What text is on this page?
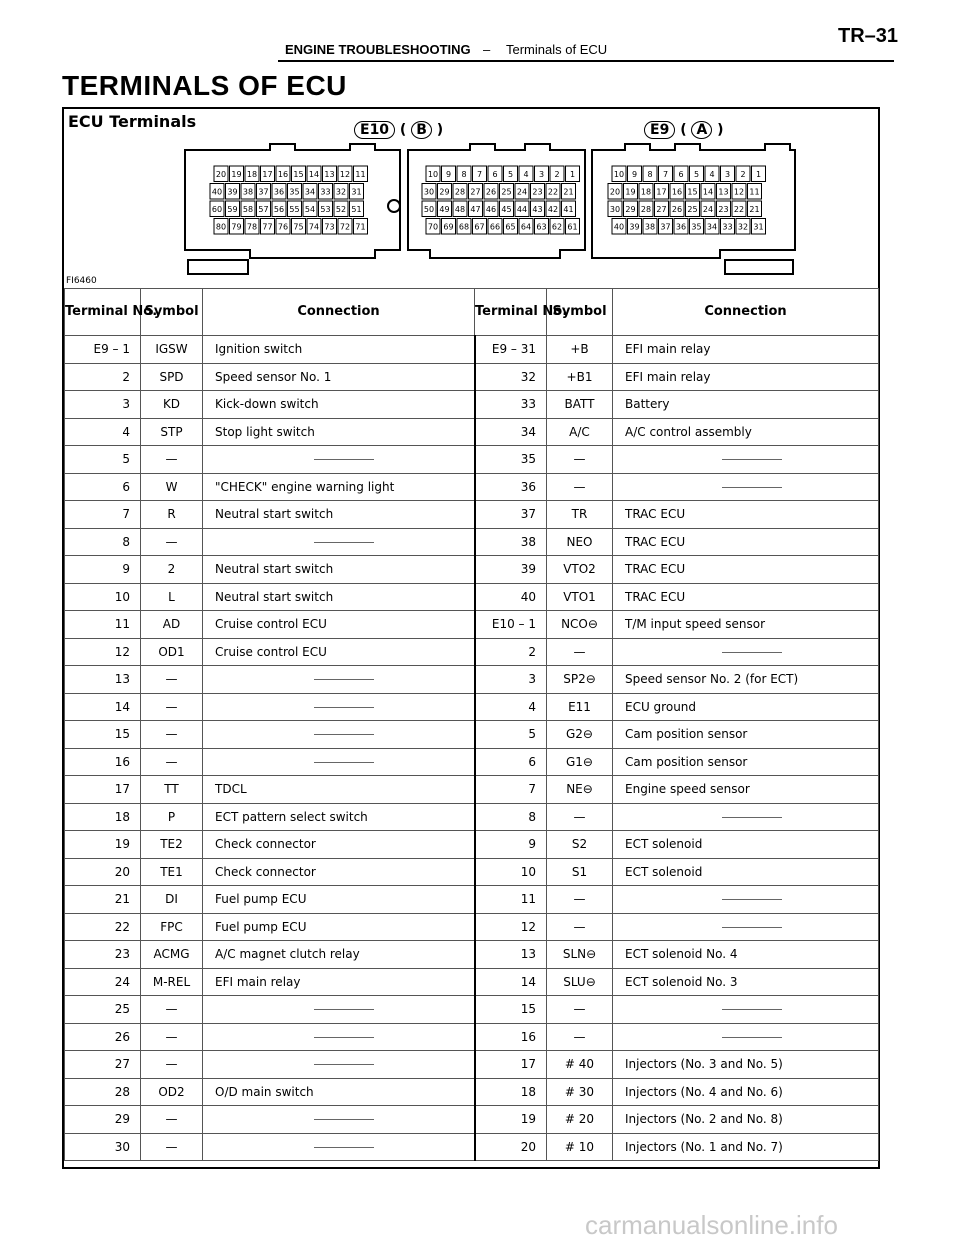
ENGINE TROUBLESHOOTING – Terminals of ECU
TR–31
TERMINALS OF ECU
ECU Terminals	E10 ( B )	E9 ( A )
20 19 18 17 16 15 14 13 12 11
40 39 38 37 36 35 34 33 32 31
60 59 58 57 56 55 54 53 52 51
80 79 78 77 76 75 74 73 72 71
10 9 8 7 6 5 4 3 2 1
30 29 28 27 26 25 24 23 22 21
50 49 48 47 46 45 44 43 42 41
70 69 68 67 66 65 64 63 62 61
10 9 8 7 6 5 4 3 2 1
20 19 18 17 16 15 14 13 12 11
30 29 28 27 26 25 24 23 22 21
40 39 38 37 36 35 34 33 32 31
FI6460
Terminal No.	Symbol	Connection	Terminal No.	Symbol	Connection
E9 – 1	IGSW	Ignition switch	E9 – 31	+B	EFI main relay
2	SPD	Speed sensor No. 1	32	+B1	EFI main relay
3	KD	Kick-down switch	33	BATT	Battery
4	STP	Stop light switch	34	A/C	A/C control assembly
5	—		35	—	
6	W	"CHECK" engine warning light	36	—	
7	R	Neutral start switch	37	TR	TRAC ECU
8	—		38	NEO	TRAC ECU
9	2	Neutral start switch	39	VTO2	TRAC ECU
10	L	Neutral start switch	40	VTO1	TRAC ECU
11	AD	Cruise control ECU	E10 – 1	NCO⊖	T/M input speed sensor
12	OD1	Cruise control ECU	2	—	
13	—		3	SP2⊖	Speed sensor No. 2 (for ECT)
14	—		4	E11	ECU ground
15	—		5	G2⊖	Cam position sensor
16	—		6	G1⊖	Cam position sensor
17	TT	TDCL	7	NE⊖	Engine speed sensor
18	P	ECT pattern select switch	8	—	
19	TE2	Check connector	9	S2	ECT solenoid
20	TE1	Check connector	10	S1	ECT solenoid
21	DI	Fuel pump ECU	11	—	
22	FPC	Fuel pump ECU	12	—	
23	ACMG	A/C magnet clutch relay	13	SLN⊖	ECT solenoid No. 4
24	M-REL	EFI main relay	14	SLU⊖	ECT solenoid No. 3
25	—		15	—	
26	—		16	—	
27	—		17	# 40	Injectors (No. 3 and No. 5)
28	OD2	O/D main switch	18	# 30	Injectors (No. 4 and No. 6)
29	—		19	# 20	Injectors (No. 2 and No. 8)
30	—		20	# 10	Injectors (No. 1 and No. 7)
carmanualsonline.info
